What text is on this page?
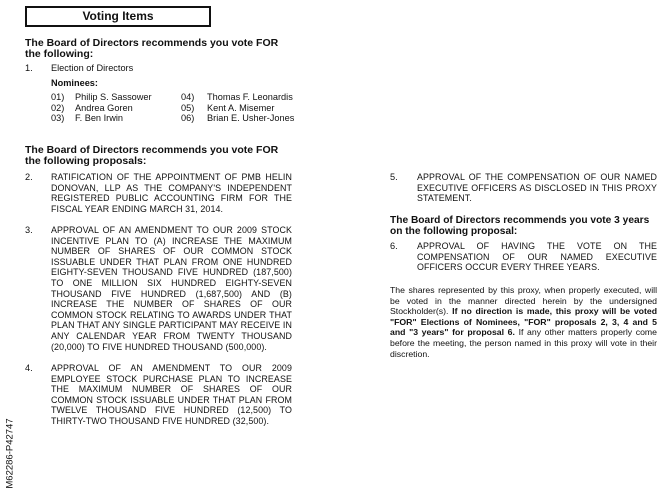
Voting Items
The Board of Directors recommends you vote FOR the following:
1. Election of Directors
Nominees:
01) Philip S. Sassower
02) Andrea Goren
03) F. Ben Irwin
04) Thomas F. Leonardis
05) Kent A. Misemer
06) Brian E. Usher-Jones
The Board of Directors recommends you vote FOR the following proposals:
2. RATIFICATION OF THE APPOINTMENT OF PMB HELIN DONOVAN, LLP AS THE COMPANY'S INDEPENDENT REGISTERED PUBLIC ACCOUNTING FIRM FOR THE FISCAL YEAR ENDING MARCH 31, 2014.
3. APPROVAL OF AN AMENDMENT TO OUR 2009 STOCK INCENTIVE PLAN TO (A) INCREASE THE MAXIMUM NUMBER OF SHARES OF OUR COMMON STOCK ISSUABLE UNDER THAT PLAN FROM ONE HUNDRED EIGHTY-SEVEN THOUSAND FIVE HUNDRED (187,500) TO ONE MILLION SIX HUNDRED EIGHTY-SEVEN THOUSAND FIVE HUNDRED (1,687,500) AND (B) INCREASE THE NUMBER OF SHARES OF OUR COMMON STOCK RELATING TO AWARDS UNDER THAT PLAN THAT ANY SINGLE PARTICIPANT MAY RECEIVE IN ANY CALENDAR YEAR FROM TWENTY THOUSAND (20,000) TO FIVE HUNDRED THOUSAND (500,000).
4. APPROVAL OF AN AMENDMENT TO OUR 2009 EMPLOYEE STOCK PURCHASE PLAN TO INCREASE THE MAXIMUM NUMBER OF SHARES OF OUR COMMON STOCK ISSUABLE UNDER THAT PLAN FROM TWELVE THOUSAND FIVE HUNDRED (12,500) TO THIRTY-TWO THOUSAND FIVE HUNDRED (32,500).
5. APPROVAL OF THE COMPENSATION OF OUR NAMED EXECUTIVE OFFICERS AS DISCLOSED IN THIS PROXY STATEMENT.
The Board of Directors recommends you vote 3 years on the following proposal:
6. APPROVAL OF HAVING THE VOTE ON THE COMPENSATION OF OUR NAMED EXECUTIVE OFFICERS OCCUR EVERY THREE YEARS.
The shares represented by this proxy, when properly executed, will be voted in the manner directed herein by the undersigned Stockholder(s). If no direction is made, this proxy will be voted "FOR" Elections of Nominees, "FOR" proposals 2, 3, 4 and 5 and "3 years" for proposal 6. If any other matters properly come before the meeting, the person named in this proxy will vote in their discretion.
M62286-P42747
